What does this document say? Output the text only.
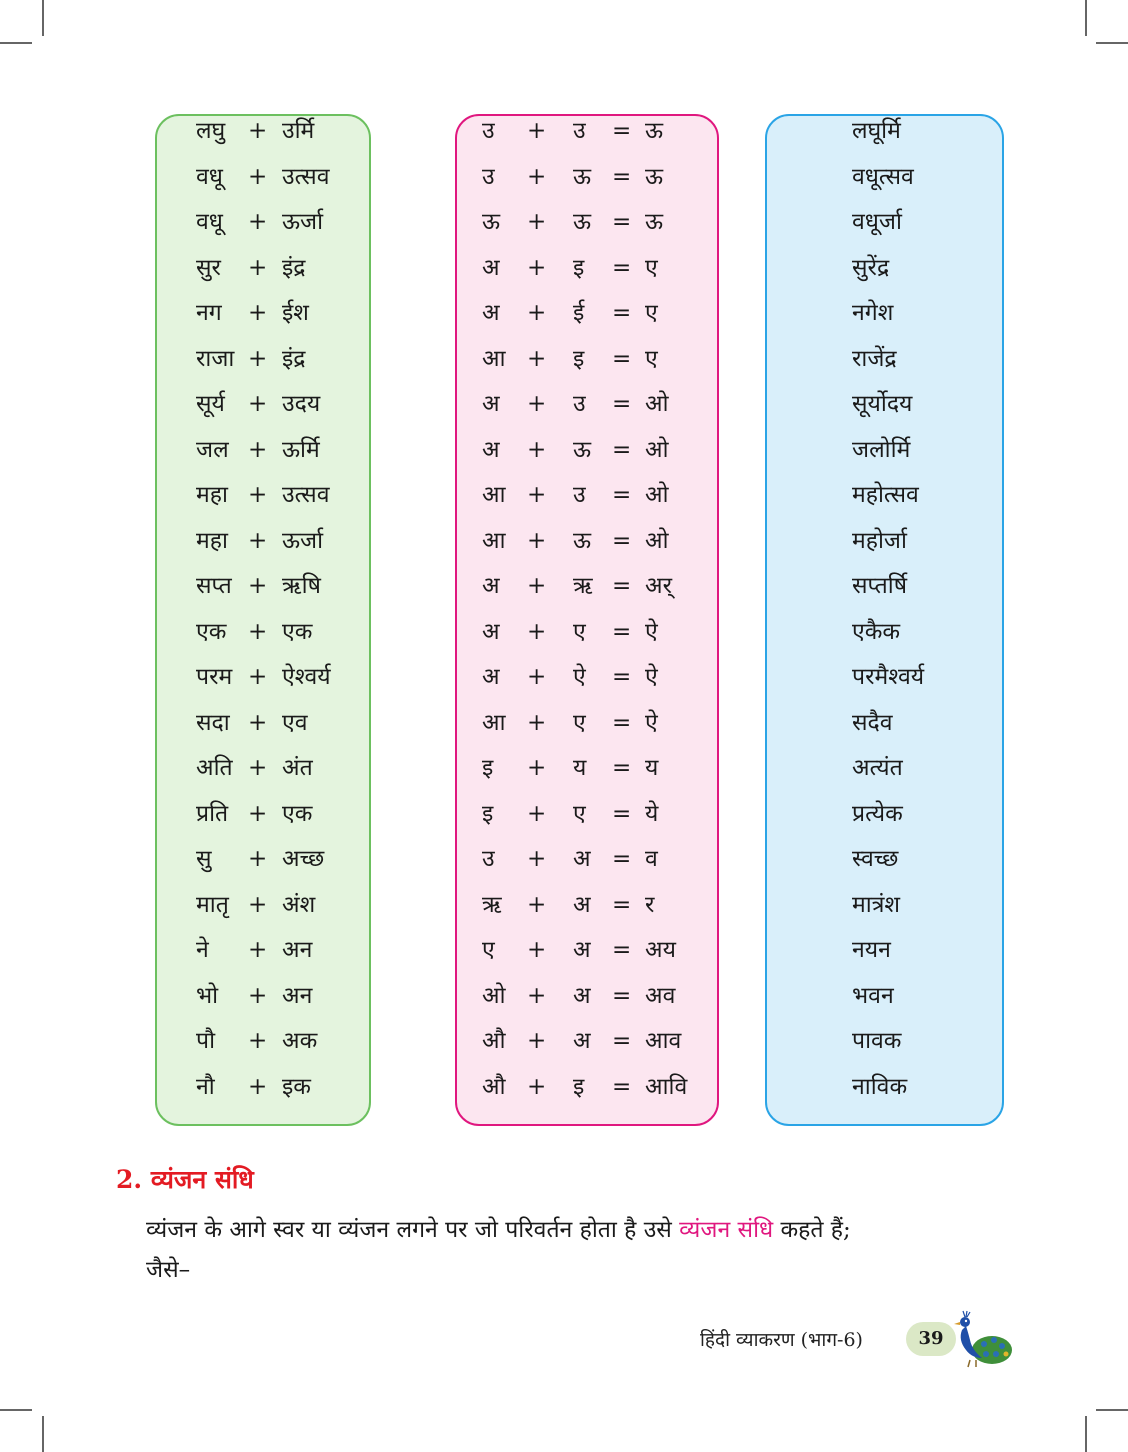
लघु + उर्मि	उ + उ = ऊ	लघूर्मि
वधू + उत्सव	उ + ऊ = ऊ	वधूत्सव
वधू + ऊर्जा	ऊ + ऊ = ऊ	वधूर्जा
सुर + इंद्र	अ + इ = ए	सुरेंद्र
नग + ईश	अ + ई = ए	नगेश
राजा + इंद्र	आ + इ = ए	राजेंद्र
सूर्य + उदय	अ + उ = ओ	सूर्योदय
जल + ऊर्मि	अ + ऊ = ओ	जलोर्मि
महा + उत्सव	आ + उ = ओ	महोत्सव
महा + ऊर्जा	आ + ऊ = ओ	महोर्जा
सप्त + ऋषि	अ + ऋ = अर्	सप्तर्षि
एक + एक	अ + ए = ऐ	एकैक
परम + ऐश्वर्य	अ + ऐ = ऐ	परमैश्वर्य
सदा + एव	आ + ए = ऐ	सदैव
अति + अंत	इ + य = य	अत्यंत
प्रति + एक	इ + ए = ये	प्रत्येक
सु + अच्छ	उ + अ = व	स्वच्छ
मातृ + अंश	ऋ + अ = र	मात्रंश
ने + अन	ए + अ = अय	नयन
भो + अन	ओ + अ = अव	भवन
पौ + अक	औ + अ = आव	पावक
नौ + इक	औ + इ = आवि	नाविक
2. व्यंजन संधि
व्यंजन के आगे स्वर या व्यंजन लगने पर जो परिवर्तन होता है उसे व्यंजन संधि कहते हैं;
जैसे–
हिंदी व्याकरण (भाग-6)	39
